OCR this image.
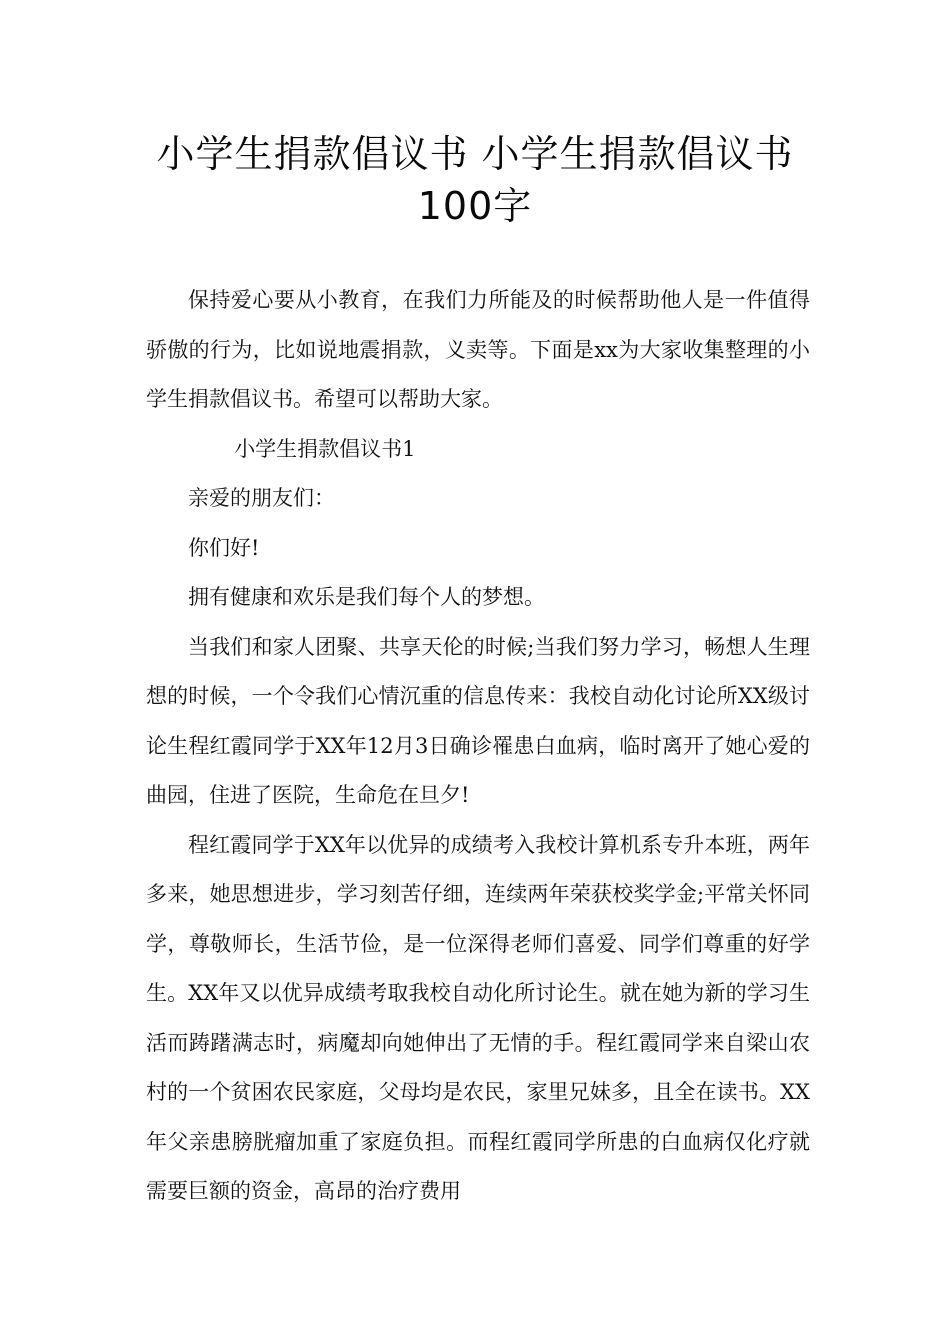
小学生捐款倡议书 小学生捐款倡议书
100字

保持爱心要从小教育，在我们力所能及的时候帮助他人是一件值得骄傲的行为，比如说地震捐款，义卖等。下面是xx为大家收集整理的小学生捐款倡议书。希望可以帮助大家。

小学生捐款倡议书1

亲爱的朋友们：

你们好!

拥有健康和欢乐是我们每个人的梦想。

当我们和家人团聚、共享天伦的时候;当我们努力学习，畅想人生理想的时候，一个令我们心情沉重的信息传来：我校自动化讨论所XX级讨论生程红霞同学于XX年12月3日确诊罹患白血病，临时离开了她心爱的曲园，住进了医院，生命危在旦夕!

程红霞同学于XX年以优异的成绩考入我校计算机系专升本班，两年多来，她思想进步，学习刻苦仔细，连续两年荣获校奖学金;平常关怀同学，尊敬师长，生活节俭，是一位深得老师们喜爱、同学们尊重的好学生。XX年又以优异成绩考取我校自动化所讨论生。就在她为新的学习生活而踌躇满志时，病魔却向她伸出了无情的手。程红霞同学来自梁山农村的一个贫困农民家庭，父母均是农民，家里兄妹多，且全在读书。XX年父亲患膀胱瘤加重了家庭负担。而程红霞同学所患的白血病仅化疗就需要巨额的资金，高昂的治疗费用
